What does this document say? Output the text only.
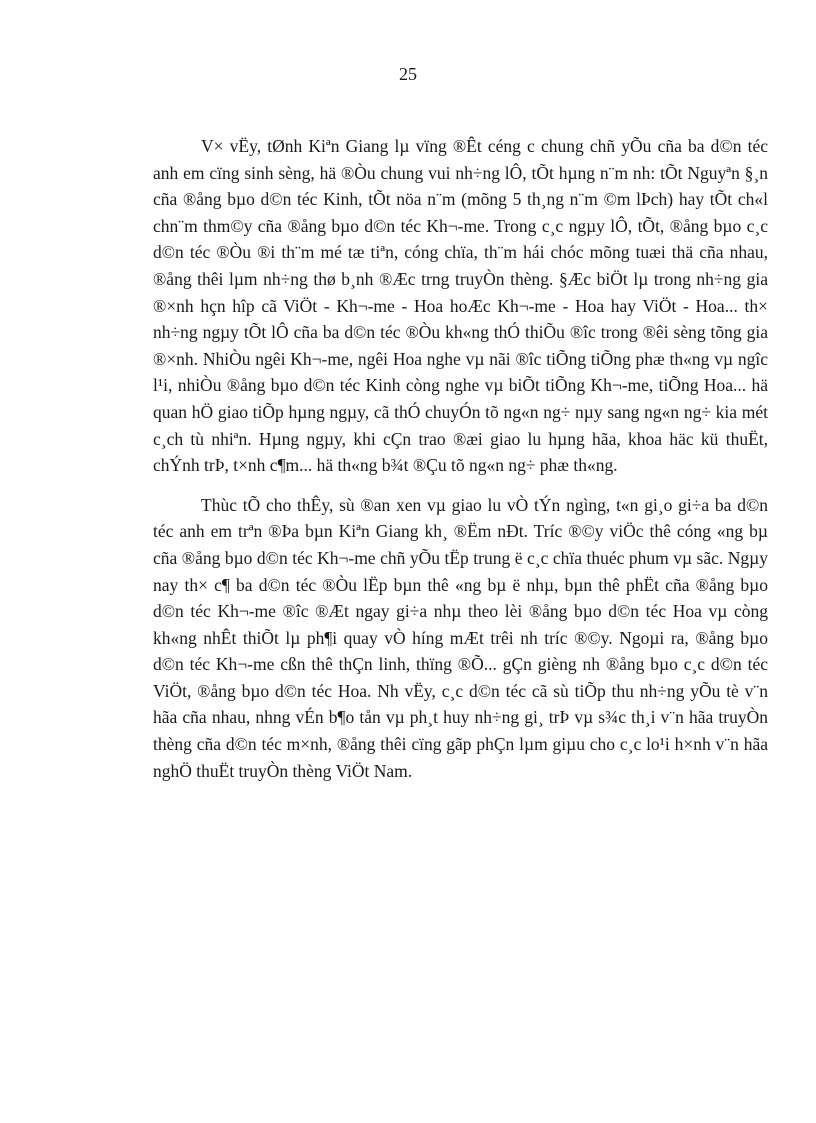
25

V× vËy, tØnh Kiªn Giang lµ vïng ®Êt céng c chung chñ yÕu cña ba d©n téc anh em cïng sinh sèng, hä ®Òu chung vui nh÷ng lÔ, tÕt hµng n¨m nh: tÕt Nguyªn §¸n cña ®ång bµo d©n téc Kinh, tÕt nöa n¨m (mõng 5 th¸ng n¨m ©m lÞch) hay tÕt ch«l chn¨m thm©y cña ®ång bµo d©n téc Kh¬-me. Trong c¸c ngµy lÔ, tÕt, ®ång bµo c¸c d©n téc ®Òu ®i th¨m mé tæ tiªn, cóng chïa, th¨m hái chóc mõng tuæi thä cña nhau, ®ång thêi lµm nh÷ng thø b¸nh ®Æc trng truyÒn thèng. §Æc biÖt lµ trong nh÷ng gia ®×nh hçn hîp cã ViÖt - Kh¬-me - Hoa hoÆc Kh¬-me - Hoa hay ViÖt - Hoa... th× nh÷ng ngµy tÕt lÔ cña ba d©n téc ®Òu kh«ng thÓ thiÕu ®îc trong ®êi sèng tõng gia ®×nh. NhiÒu ngêi Kh¬-me, ngêi Hoa nghe vµ nãi ®îc tiÕng tiÕng phæ th«ng vµ ngîc l¹i, nhiÒu ®ång bµo d©n téc Kinh còng nghe vµ biÕt tiÕng Kh¬-me, tiÕng Hoa... hä quan hÖ giao tiÕp hµng ngµy, cã thÓ chuyÓn tõ ng«n ng÷ nµy sang ng«n ng÷ kia mét c¸ch tù nhiªn. Hµng ngµy, khi cÇn trao ®æi giao lu hµng hãa, khoa häc kü thuËt, chÝnh trÞ, t×nh c¶m... hä th«ng b¾t ®Çu tõ ng«n ng÷ phæ th«ng.

Thùc tÕ cho thÊy, sù ®an xen vµ giao lu vÒ tÝn ngìng, t«n gi¸o gi÷a ba d©n téc anh em trªn ®Þa bµn Kiªn Giang kh¸ ®Ëm nÐt. Tríc ®©y viÖc thê cóng «ng bµ cña ®ång bµo d©n téc Kh¬-me chñ yÕu tËp trung ë c¸c chïa thuéc phum vµ sãc. Ngµy nay th× c¶ ba d©n téc ®Òu lËp bµn thê «ng bµ ë nhµ, bµn thê phËt cña ®ång bµo d©n téc Kh¬-me ®îc ®Æt ngay gi÷a nhµ theo lèi ®ång bµo d©n téc Hoa vµ còng kh«ng nhÊt thiÕt lµ ph¶i quay vÒ híng mÆt trêi nh tríc ®©y. Ngoµi ra, ®ång bµo d©n téc Kh¬-me cßn thê thÇn linh, thïng ®Õ... gÇn gièng nh ®ång bµo c¸c d©n téc ViÖt, ®ång bµo d©n téc Hoa. Nh vËy, c¸c d©n téc cã sù tiÕp thu nh÷ng yÕu tè v¨n hãa cña nhau, nhng vÉn b¶o tån vµ ph¸t huy nh÷ng gi¸ trÞ vµ s¾c th¸i v¨n hãa truyÒn thèng cña d©n téc m×nh, ®ång thêi cïng gãp phÇn lµm giµu cho c¸c lo¹i h×nh v¨n hãa nghÖ thuËt truyÒn thèng ViÖt Nam.
